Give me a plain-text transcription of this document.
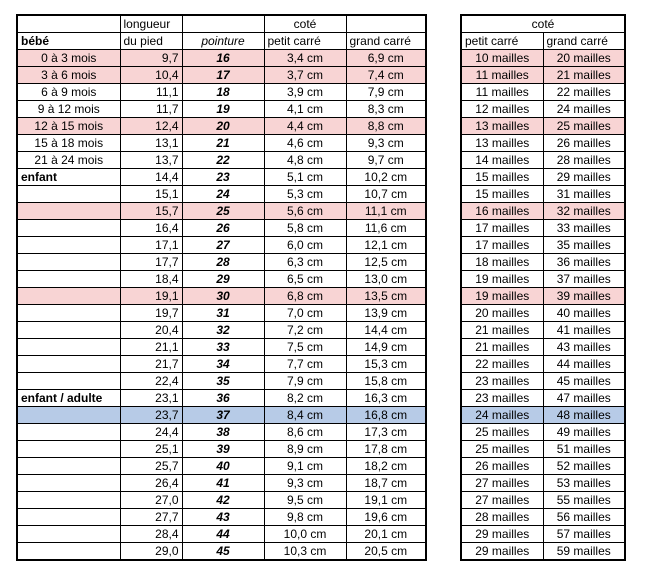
	longueur		coté	
bébé	du pied	pointure	petit carré	grand carré
0 à 3 mois	9,7	16	3,4 cm	6,9 cm
3 à 6 mois	10,4	17	3,7 cm	7,4 cm
6 à 9 mois	11,1	18	3,9 cm	7,9 cm
9 à 12 mois	11,7	19	4,1 cm	8,3 cm
12 à 15 mois	12,4	20	4,4 cm	8,8 cm
15 à 18 mois	13,1	21	4,6 cm	9,3 cm
21 à 24 mois	13,7	22	4,8 cm	9,7 cm
enfant	14,4	23	5,1 cm	10,2 cm
	15,1	24	5,3 cm	10,7 cm
	15,7	25	5,6 cm	11,1 cm
	16,4	26	5,8 cm	11,6 cm
	17,1	27	6,0 cm	12,1 cm
	17,7	28	6,3 cm	12,5 cm
	18,4	29	6,5 cm	13,0 cm
	19,1	30	6,8 cm	13,5 cm
	19,7	31	7,0 cm	13,9 cm
	20,4	32	7,2 cm	14,4 cm
	21,1	33	7,5 cm	14,9 cm
	21,7	34	7,7 cm	15,3 cm
	22,4	35	7,9 cm	15,8 cm
enfant / adulte	23,1	36	8,2 cm	16,3 cm
	23,7	37	8,4 cm	16,8 cm
	24,4	38	8,6 cm	17,3 cm
	25,1	39	8,9 cm	17,8 cm
	25,7	40	9,1 cm	18,2 cm
	26,4	41	9,3 cm	18,7 cm
	27,0	42	9,5 cm	19,1 cm
	27,7	43	9,8 cm	19,6 cm
	28,4	44	10,0 cm	20,1 cm
	29,0	45	10,3 cm	20,5 cm
coté	
petit carré	grand carré
10 mailles	20 mailles
11 mailles	21 mailles
11 mailles	22 mailles
12 mailles	24 mailles
13 mailles	25 mailles
13 mailles	26 mailles
14 mailles	28 mailles
15 mailles	29 mailles
15 mailles	31 mailles
16 mailles	32 mailles
17 mailles	33 mailles
17 mailles	35 mailles
18 mailles	36 mailles
19 mailles	37 mailles
19 mailles	39 mailles
20 mailles	40 mailles
21 mailles	41 mailles
21 mailles	43 mailles
22 mailles	44 mailles
23 mailles	45 mailles
23 mailles	47 mailles
24 mailles	48 mailles
25 mailles	49 mailles
25 mailles	51 mailles
26 mailles	52 mailles
27 mailles	53 mailles
27 mailles	55 mailles
28 mailles	56 mailles
29 mailles	57 mailles
29 mailles	59 mailles
